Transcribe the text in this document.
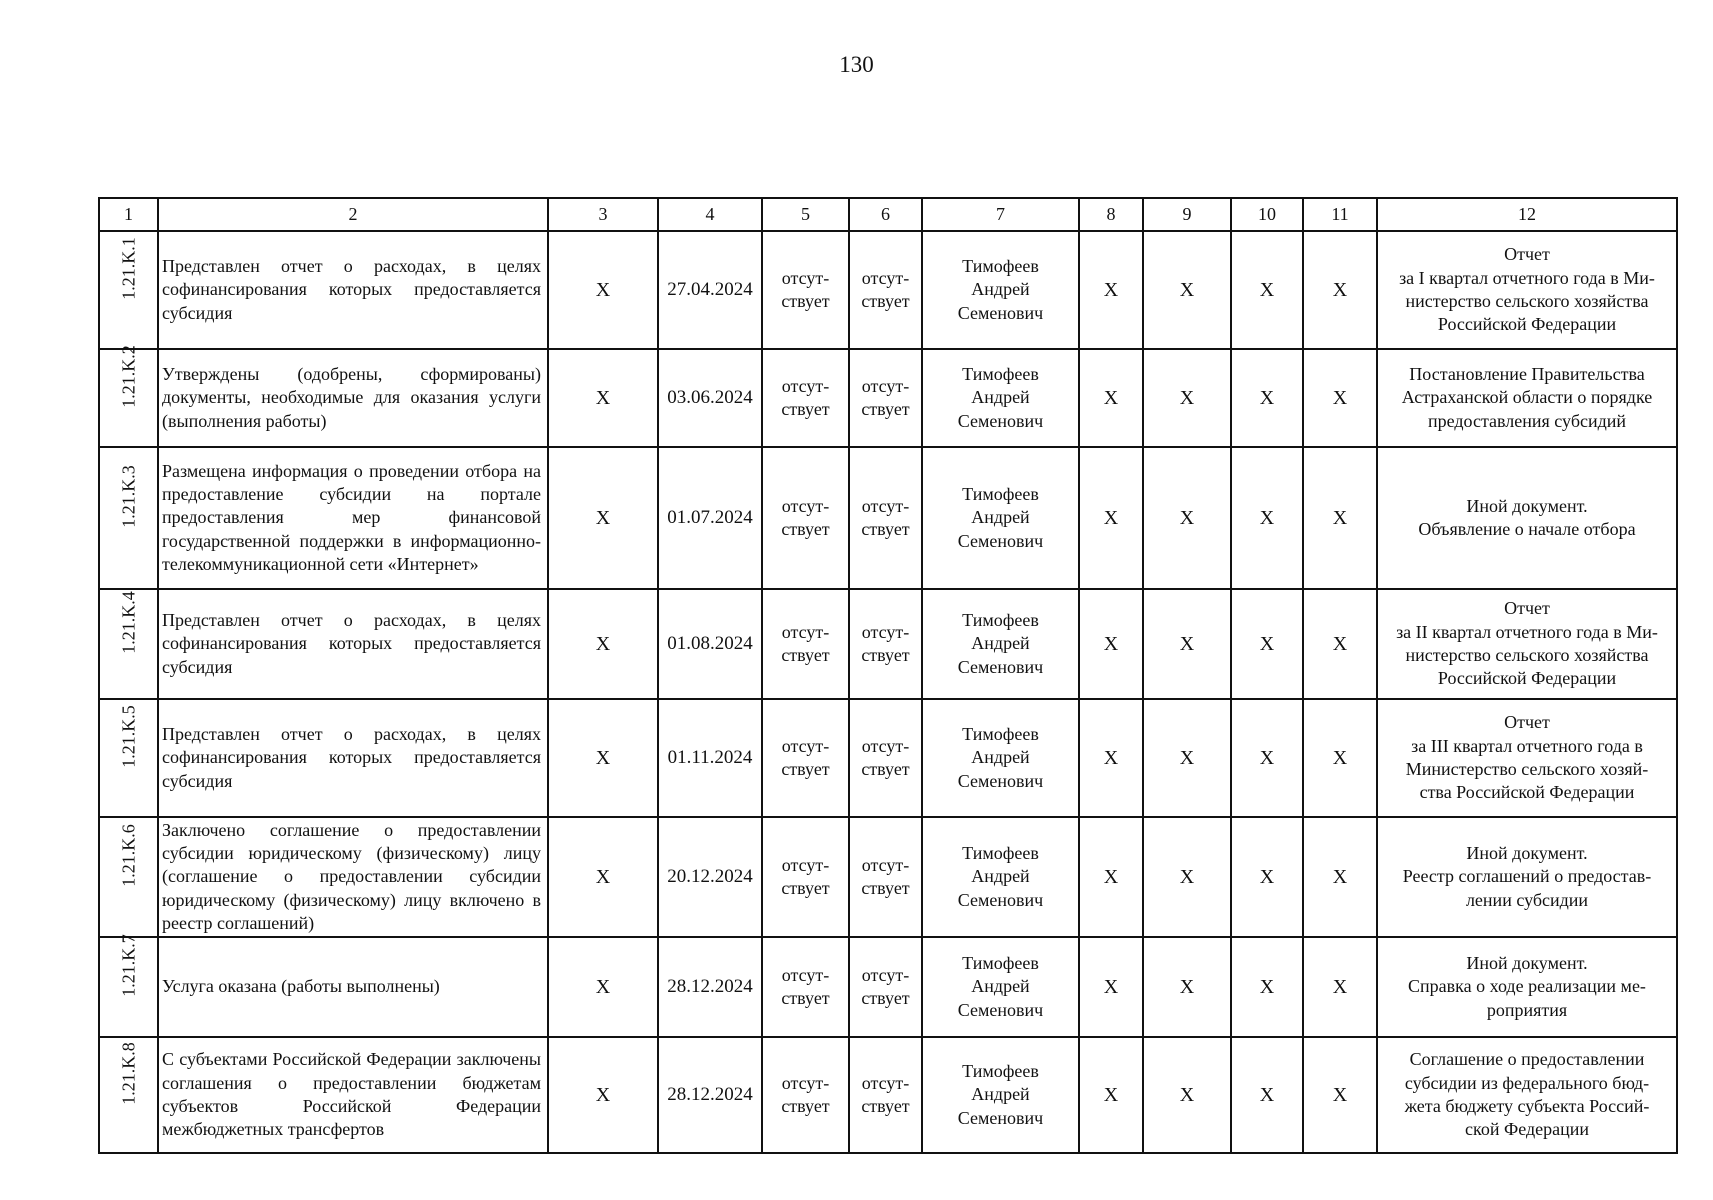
130
1	2	3	4	5	6	7	8	9	10	11	12

1.21.K.1	Представлен отчет о расходах, в целях софинансирования которых предоставляется субсидия	X	27.04.2024	отсут-
ствует	отсут-
ствует	Тимофеев
Андрей
Семенович	X	X	X	X	Отчет
за I квартал отчетного года в Ми-
нистерство сельского хозяйства
Российской Федерации

1.21.K.2	Утверждены (одобрены, сформированы) документы, необходимые для оказания услуги (выполнения работы)	X	03.06.2024	отсут-
ствует	отсут-
ствует	Тимофеев
Андрей
Семенович	X	X	X	X	Постановление Правительства
Астраханской области о порядке
предоставления субсидий

1.21.K.3	Размещена информация о проведении отбора на предоставление субсидии на портале предоставления мер финансовой государственной поддержки в информационно-телекоммуникационной сети «Интернет»	X	01.07.2024	отсут-
ствует	отсут-
ствует	Тимофеев
Андрей
Семенович	X	X	X	X	Иной документ.
Объявление о начале отбора

1.21.K.4	Представлен отчет о расходах, в целях софинансирования которых предоставляется субсидия	X	01.08.2024	отсут-
ствует	отсут-
ствует	Тимофеев
Андрей
Семенович	X	X	X	X	Отчет
за II квартал отчетного года в Ми-
нистерство сельского хозяйства
Российской Федерации

1.21.K.5	Представлен отчет о расходах, в целях софинансирования которых предоставляется субсидия	X	01.11.2024	отсут-
ствует	отсут-
ствует	Тимофеев
Андрей
Семенович	X	X	X	X	Отчет
за III квартал отчетного года в
Министерство сельского хозяй-
ства Российской Федерации

1.21.K.6	Заключено соглашение о предоставлении субсидии юридическому (физическому) лицу (соглашение о предоставлении субсидии юридическому (физическому) лицу включено в реестр соглашений)	X	20.12.2024	отсут-
ствует	отсут-
ствует	Тимофеев
Андрей
Семенович	X	X	X	X	Иной документ.
Реестр соглашений о предостав-
лении субсидии

1.21.K.7	Услуга оказана (работы выполнены)	X	28.12.2024	отсут-
ствует	отсут-
ствует	Тимофеев
Андрей
Семенович	X	X	X	X	Иной документ.
Справка о ходе реализации ме-
роприятия

1.21.K.8	С субъектами Российской Федерации заключены соглашения о предоставлении бюджетам субъектов Российской Федерации межбюджетных трансфертов	X	28.12.2024	отсут-
ствует	отсут-
ствует	Тимофеев
Андрей
Семенович	X	X	X	X	Соглашение о предоставлении
субсидии из федерального бюд-
жета бюджету субъекта Россий-
ской Федерации
